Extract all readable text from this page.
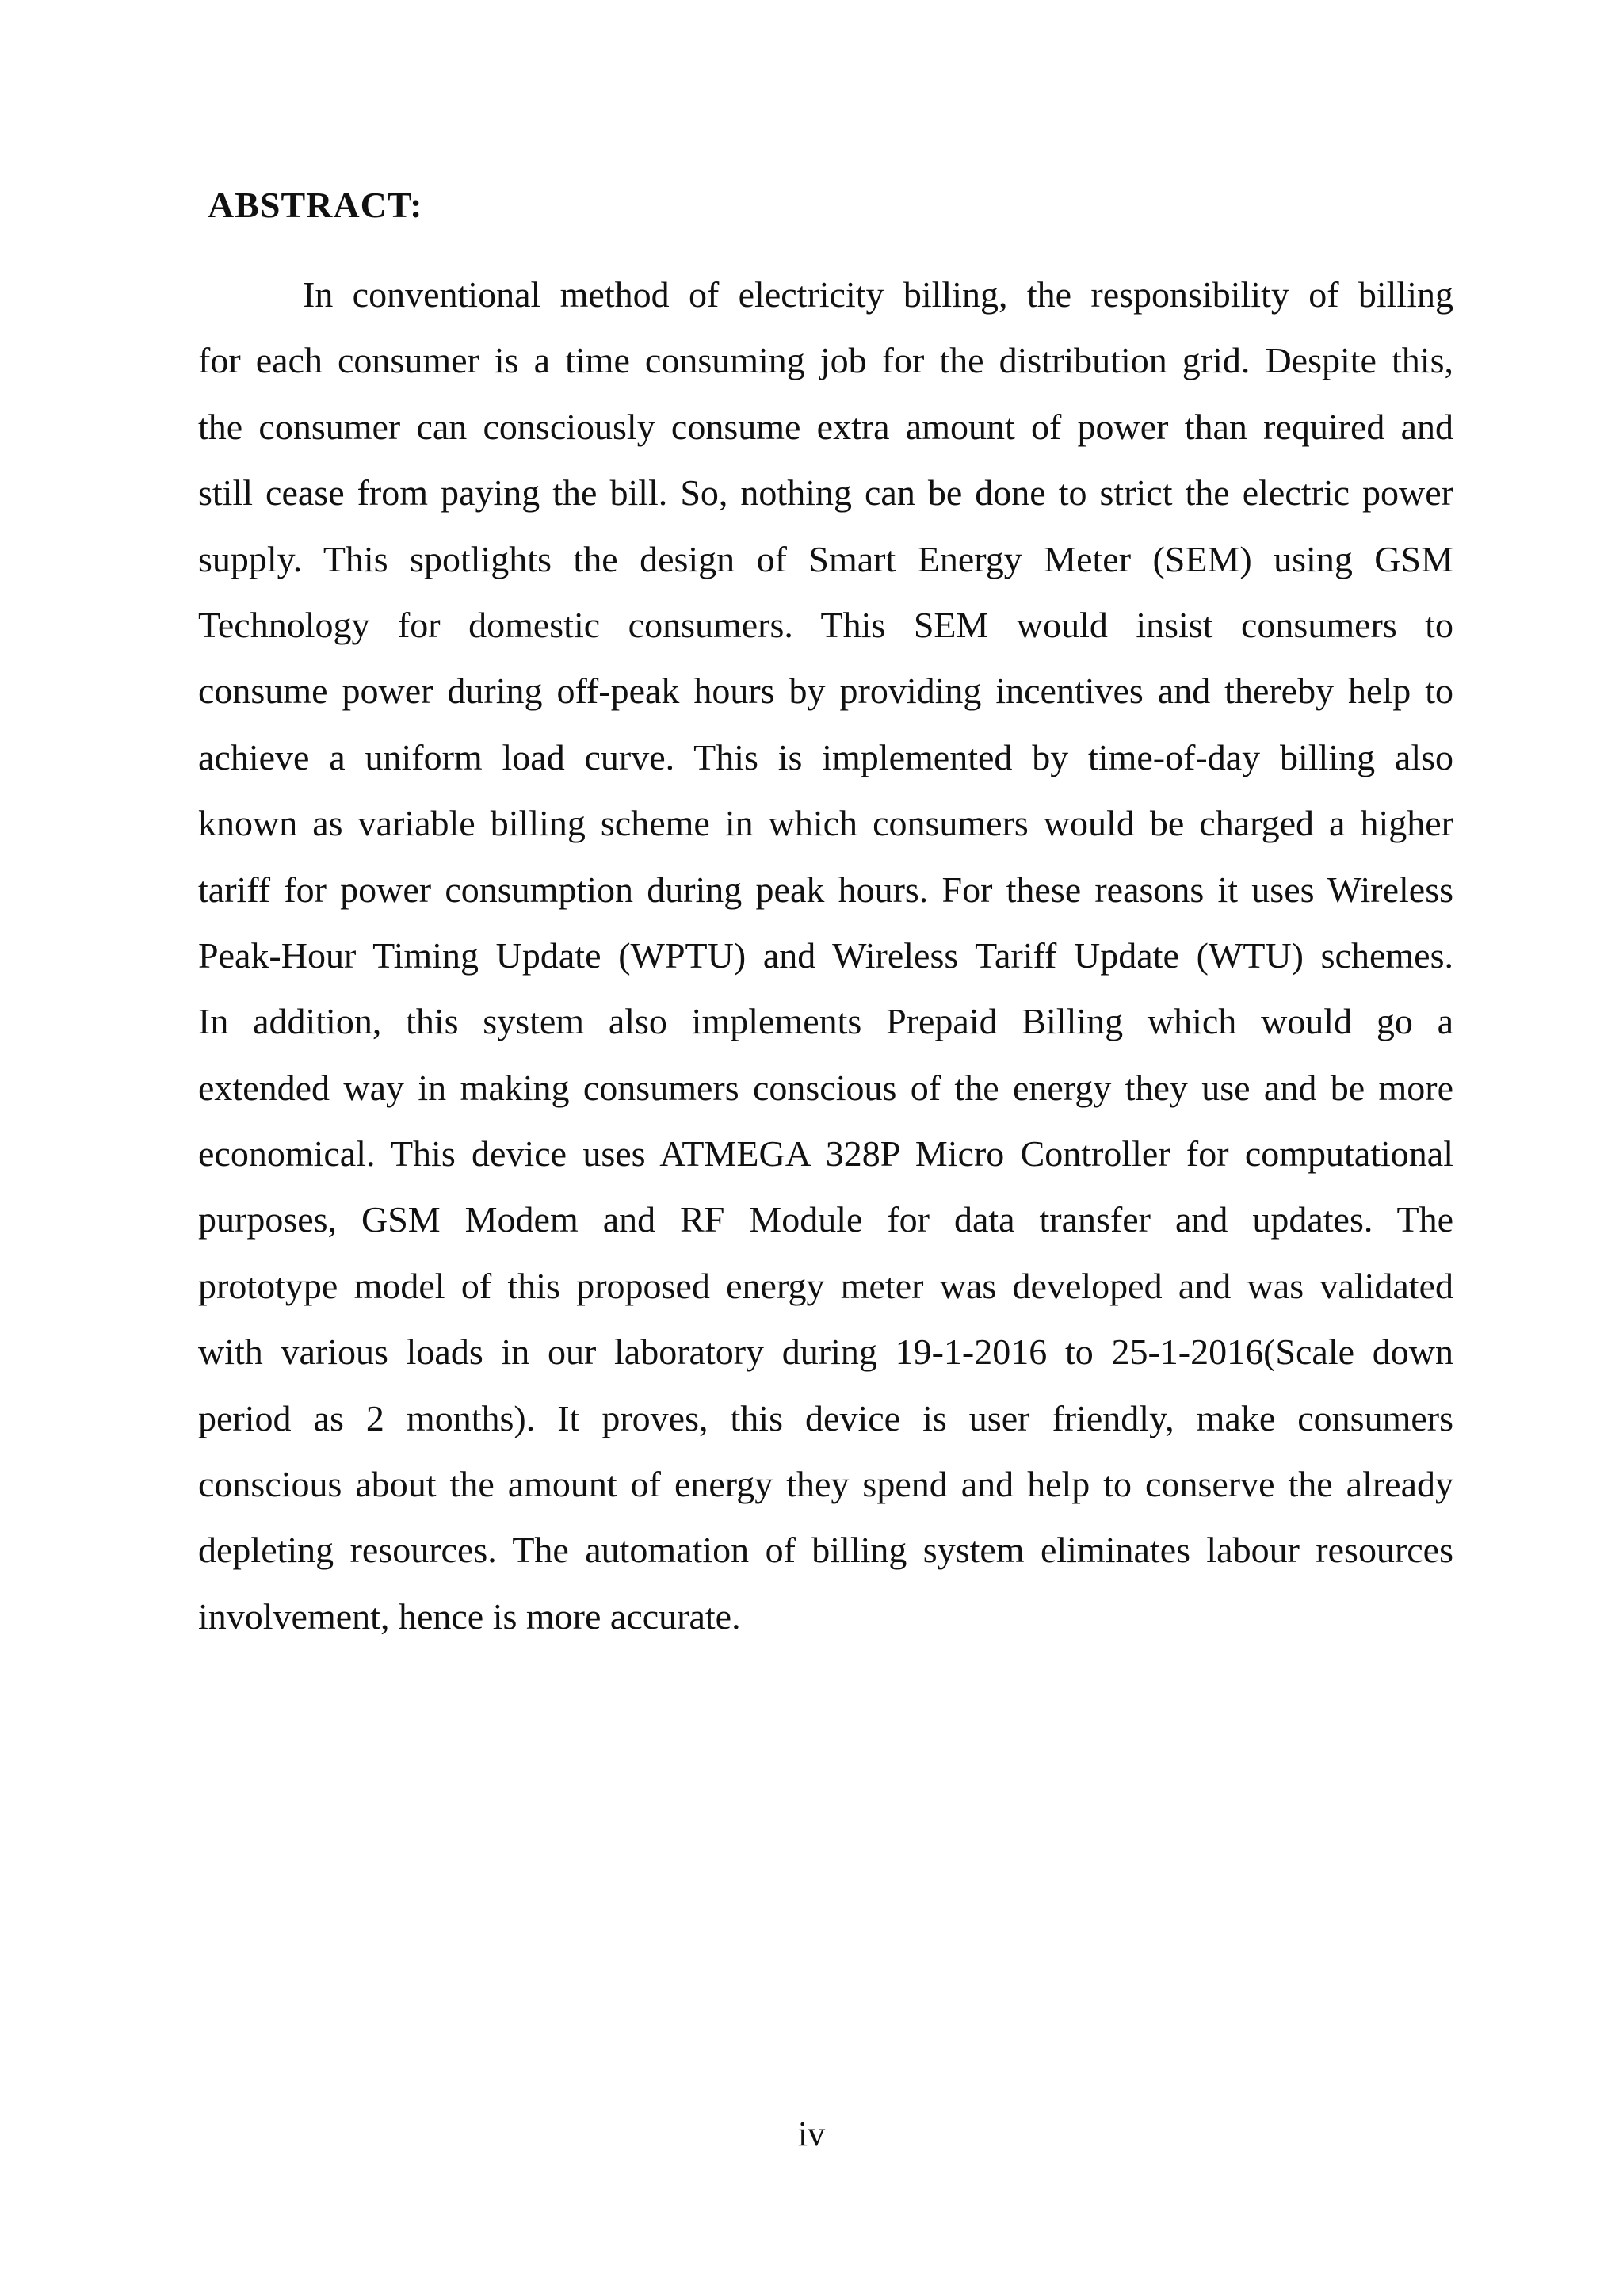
ABSTRACT:
In conventional method of electricity billing, the responsibility of billing
for each consumer is a time consuming job for the distribution grid. Despite this,
the consumer can consciously consume extra amount of power than required and
still cease from paying the bill. So, nothing can be done to strict the electric power
supply. This spotlights the design of Smart Energy Meter (SEM) using GSM
Technology for domestic consumers. This SEM would insist consumers to
consume power during off-peak hours by providing incentives and thereby help to
achieve a uniform load curve. This is implemented by time-of-day billing also
known as variable billing scheme in which consumers would be charged a higher
tariff for power consumption during peak hours. For these reasons it uses Wireless
Peak-Hour Timing Update (WPTU) and Wireless Tariff Update (WTU) schemes.
In addition, this system also implements Prepaid Billing which would go a
extended way in making consumers conscious of the energy they use and be more
economical. This device uses ATMEGA 328P Micro Controller for computational
purposes, GSM Modem and RF Module for data transfer and updates. The
prototype model of this proposed energy meter was developed and was validated
with various loads in our laboratory during 19-1-2016 to 25-1-2016(Scale down
period as 2 months). It proves, this device is user friendly, make consumers
conscious about the amount of energy they spend and help to conserve the already
depleting resources. The automation of billing system eliminates labour resources
involvement, hence is more accurate.
iv
